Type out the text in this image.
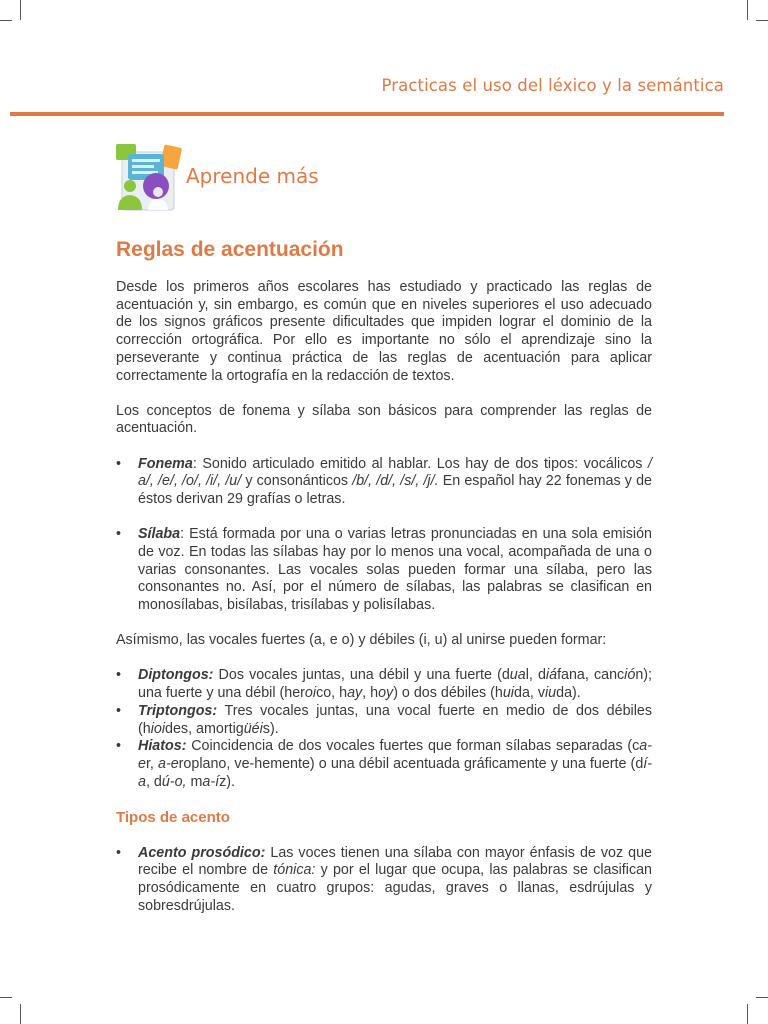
Practicas el uso del léxico y la semántica
Aprende más
Reglas de acentuación

Desde los primeros años escolares has estudiado y practicado las reglas de acentuación y, sin embargo, es común que en niveles superiores el uso adecuado de los signos gráficos presente dificultades que impiden lograr el dominio de la corrección ortográfica. Por ello es importante no sólo el aprendizaje sino la perseverante y continua práctica de las reglas de acentuación para aplicar correctamente la ortografía en la redacción de textos.

Los conceptos de fonema y sílaba son básicos para comprender las reglas de acentuación.

• Fonema: Sonido articulado emitido al hablar. Los hay de dos tipos: vocálicos / a/, /e/, /o/, /i/, /u/ y consonánticos /b/, /d/, /s/, /j/. En español hay 22 fonemas y de éstos derivan 29 grafías o letras.
• Sílaba: Está formada por una o varias letras pronunciadas en una sola emisión de voz. En todas las sílabas hay por lo menos una vocal, acompañada de una o varias consonantes. Las vocales solas pueden formar una sílaba, pero las consonantes no. Así, por el número de sílabas, las palabras se clasifican en monosílabas, bisílabas, trisílabas y polisílabas.

Asímismo, las vocales fuertes (a, e o) y débiles (i, u) al unirse pueden formar:

• Diptongos: Dos vocales juntas, una débil y una fuerte (dual, diáfana, canción); una fuerte y una débil (heroico, hay, hoy) o dos débiles (huida, viuda).
• Triptongos: Tres vocales juntas, una vocal fuerte en medio de dos débiles (hioides, amortigüéis).
• Hiatos: Coincidencia de dos vocales fuertes que forman sílabas separadas (ca-er, a-eroplano, ve-hemente) o una débil acentuada gráficamente y una fuerte (dí-a, dú-o, ma-íz).
Tipos de acento
• Acento prosódico: Las voces tienen una sílaba con mayor énfasis de voz que recibe el nombre de tónica: y por el lugar que ocupa, las palabras se clasifican prosódicamente en cuatro grupos: agudas, graves o llanas, esdrújulas y sobresdrújulas.
